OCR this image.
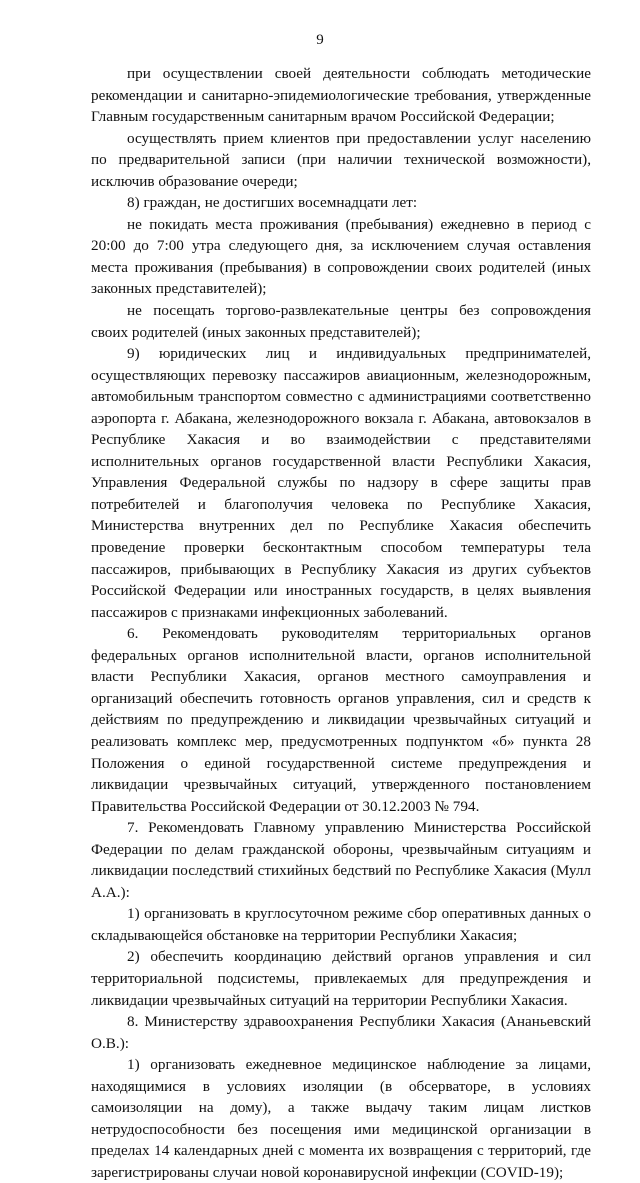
9

при осуществлении своей деятельности соблюдать методические рекомендации и санитарно-эпидемиологические требования, утвержденные Главным государственным санитарным врачом Российской Федерации;

осуществлять прием клиентов при предоставлении услуг населению по предварительной записи (при наличии технической возможности), исключив образование очереди;

8) граждан, не достигших восемнадцати лет:

не покидать места проживания (пребывания) ежедневно в период с 20:00 до 7:00 утра следующего дня, за исключением случая оставления места проживания (пребывания) в сопровождении своих родителей (иных законных представителей);

не посещать торгово-развлекательные центры без сопровождения своих родителей (иных законных представителей);

9) юридических лиц и индивидуальных предпринимателей, осуществляющих перевозку пассажиров авиационным, железнодорожным, автомобильным транспортом совместно с администрациями соответственно аэропорта г. Абакана, железнодорожного вокзала г. Абакана, автовокзалов в Республике Хакасия и во взаимодействии с представителями исполнительных органов государственной власти Республики Хакасия, Управления Федеральной службы по надзору в сфере защиты прав потребителей и благополучия человека по Республике Хакасия, Министерства внутренних дел по Республике Хакасия обеспечить проведение проверки бесконтактным способом температуры тела пассажиров, прибывающих в Республику Хакасия из других субъектов Российской Федерации или иностранных государств, в целях выявления пассажиров с признаками инфекционных заболеваний.

6. Рекомендовать руководителям территориальных органов федеральных органов исполнительной власти, органов исполнительной власти Республики Хакасия, органов местного самоуправления и организаций обеспечить готовность органов управления, сил и средств к действиям по предупреждению и ликвидации чрезвычайных ситуаций и реализовать комплекс мер, предусмотренных подпунктом «б» пункта 28 Положения о единой государственной системе предупреждения и ликвидации чрезвычайных ситуаций, утвержденного постановлением Правительства Российской Федерации от 30.12.2003 № 794.

7. Рекомендовать Главному управлению Министерства Российской Федерации по делам гражданской обороны, чрезвычайным ситуациям и ликвидации последствий стихийных бедствий по Республике Хакасия (Мулл А.А.):

1) организовать в круглосуточном режиме сбор оперативных данных о складывающейся обстановке на территории Республики Хакасия;

2) обеспечить координацию действий органов управления и сил территориальной подсистемы, привлекаемых для предупреждения и ликвидации чрезвычайных ситуаций на территории Республики Хакасия.

8. Министерству здравоохранения Республики Хакасия (Ананьевский О.В.):

1) организовать ежедневное медицинское наблюдение за лицами, находящимися в условиях изоляции (в обсерваторе, в условиях самоизоляции на дому), а также выдачу таким лицам листков нетрудоспособности без посещения ими медицинской организации в пределах 14 календарных дней с момента их возвращения с территорий, где зарегистрированы случаи новой коронавирусной инфекции (COVID-19);
